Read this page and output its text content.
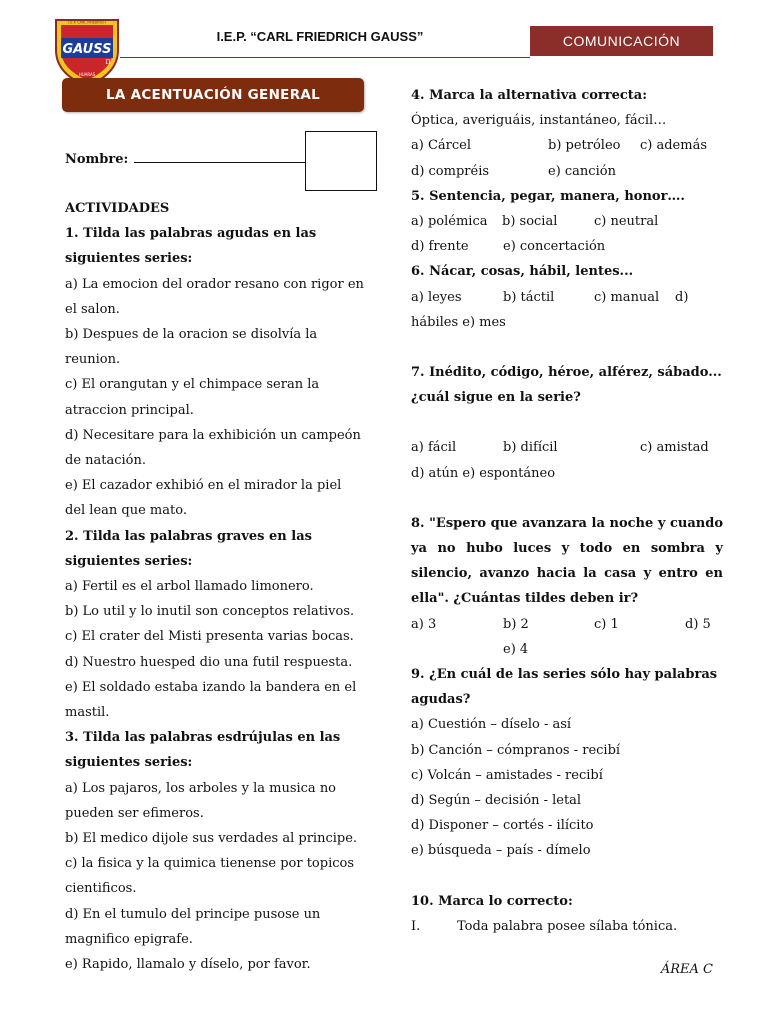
I.E.P. CARL FRIEDRICH
GAUSS
π
HUARAS
I.E.P. “CARL FRIEDRICH GAUSS”	COMUNICACIÓN
LA ACENTUACIÓN GENERAL
Nombre:

ACTIVIDADES

1. Tilda las palabras agudas en las siguientes series:

a) La emocion del orador resano con rigor en el salon.

b) Despues de la oracion se disolvía la reunion.

c) El orangutan y el chimpace seran la atraccion principal.

d) Necesitare para la exhibición un campeón de natación.

e) El cazador exhibió en el mirador la piel del lean que mato.

2. Tilda las palabras graves en las siguientes series:

a) Fertil es el arbol llamado limonero.

b) Lo util y lo inutil son conceptos relativos.

c) El crater del Misti presenta varias bocas.

d) Nuestro huesped dio una futil respuesta.

e) El soldado estaba izando la bandera en el mastil.

3. Tilda las palabras esdrújulas en las siguientes series:

a) Los pajaros, los arboles y la musica no pueden ser efimeros.

b) El medico dijole sus verdades al principe.

c) la fisica y la quimica tienense por topicos cientificos.

d) En el tumulo del principe pusose un magnifico epigrafe.

e) Rapido, llamalo y díselo, por favor.

4. Marca la alternativa correcta:

Óptica, averiguáis, instantáneo, fácil…

a) Cárcel	b) petróleo	c) además
d) compréis	e) canción

5. Sentencia, pegar, manera, honor….

a) polémica	b) social	c) neutral
d) frente	e) concertación

6. Nácar, cosas, hábil, lentes...

a) leyes	b) táctil	c) manual	d)

hábiles e) mes

7. Inédito, código, héroe, alférez, sábado...

¿cuál sigue en la serie?

a) fácil	b) difícil	c) amistad

d) atún e) espontáneo

8. "Espero que avanzara la noche y cuando ya no hubo luces y todo en sombra y silencio, avanzo hacia la casa y entro en ella". ¿Cuántas tildes deben ir?

a) 3	b) 2	c) 1	d) 5

e) 4

9. ¿En cuál de las series sólo hay palabras agudas?

a) Cuestión – díselo - así

b) Canción – cómpranos - recibí

c) Volcán – amistades - recibí

d) Según – decisión - letal

d) Disponer – cortés - ilícito

e) búsqueda – país - dímelo

10. Marca lo correcto:

I.	Toda palabra posee sílaba tónica.
ÁREA C
